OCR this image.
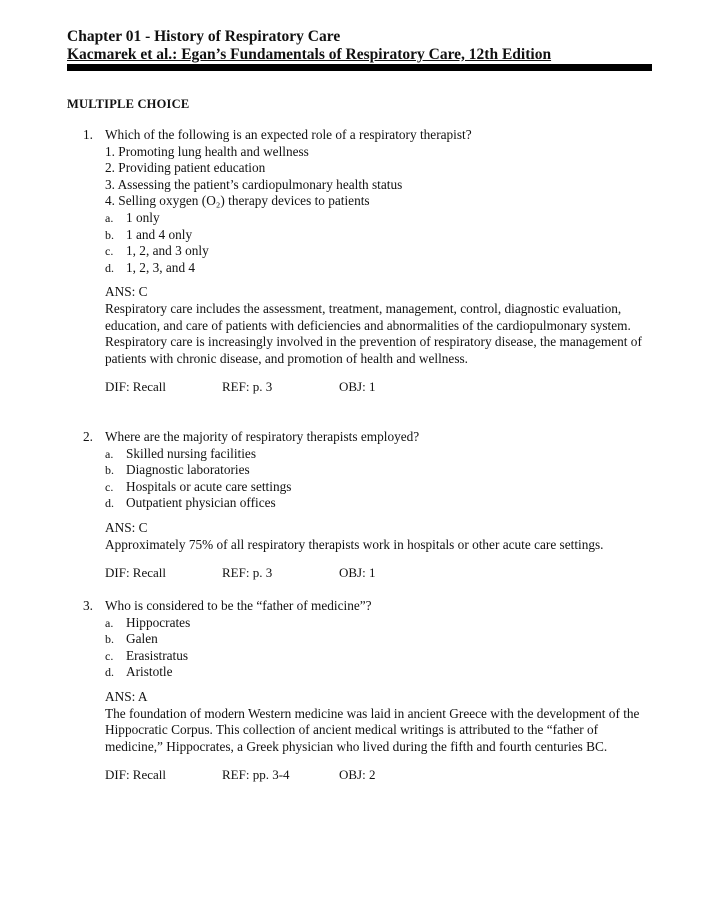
Chapter 01 - History of Respiratory Care
Kacmarek et al.: Egan’s Fundamentals of Respiratory Care, 12th Edition
MULTIPLE CHOICE
1. Which of the following is an expected role of a respiratory therapist?
1. Promoting lung health and wellness
2. Providing patient education
3. Assessing the patient’s cardiopulmonary health status
4. Selling oxygen (O₂) therapy devices to patients
a. 1 only
b. 1 and 4 only
c. 1, 2, and 3 only
d. 1, 2, 3, and 4
ANS: C
Respiratory care includes the assessment, treatment, management, control, diagnostic evaluation, education, and care of patients with deficiencies and abnormalities of the cardiopulmonary system. Respiratory care is increasingly involved in the prevention of respiratory disease, the management of patients with chronic disease, and promotion of health and wellness.
DIF: Recall	REF: p. 3	OBJ: 1
2. Where are the majority of respiratory therapists employed?
a. Skilled nursing facilities
b. Diagnostic laboratories
c. Hospitals or acute care settings
d. Outpatient physician offices
ANS: C
Approximately 75% of all respiratory therapists work in hospitals or other acute care settings.
DIF: Recall	REF: p. 3	OBJ: 1
3. Who is considered to be the “father of medicine”?
a. Hippocrates
b. Galen
c. Erasistratus
d. Aristotle
ANS: A
The foundation of modern Western medicine was laid in ancient Greece with the development of the Hippocratic Corpus. This collection of ancient medical writings is attributed to the “father of medicine,” Hippocrates, a Greek physician who lived during the fifth and fourth centuries BC.
DIF: Recall	REF: pp. 3-4	OBJ: 2
